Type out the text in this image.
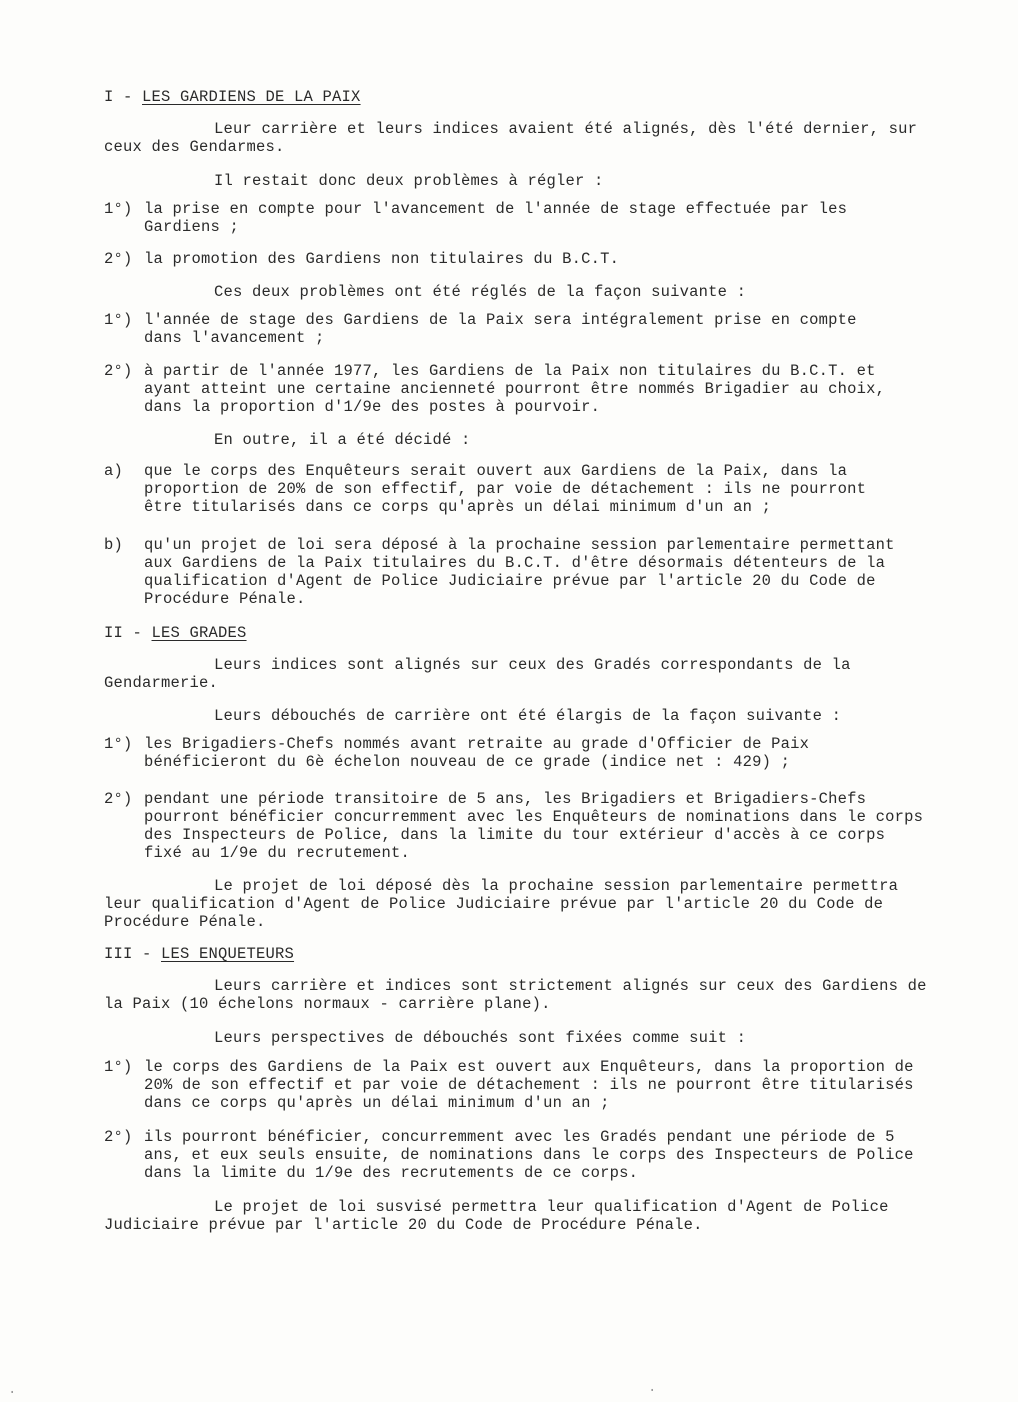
I - LES GARDIENS DE LA PAIX

Leur carrière et leurs indices avaient été alignés, dès l'été dernier, sur ceux des Gendarmes.

Il restait donc deux problèmes à régler :

1°) la prise en compte pour l'avancement de l'année de stage effectuée par les Gardiens ;
2°) la promotion des Gardiens non titulaires du B.C.T.

Ces deux problèmes ont été réglés de la façon suivante :

1°) l'année de stage des Gardiens de la Paix sera intégralement prise en compte dans l'avancement ;
2°) à partir de l'année 1977, les Gardiens de la Paix non titulaires du B.C.T. et ayant atteint une certaine ancienneté pourront être nommés Brigadier au choix, dans la proportion d'1/9e des postes à pourvoir.

En outre, il a été décidé :

a) que le corps des Enquêteurs serait ouvert aux Gardiens de la Paix, dans la proportion de 20% de son effectif, par voie de détachement : ils ne pourront être titularisés dans ce corps qu'après un délai minimum d'un an ;
b) qu'un projet de loi sera déposé à la prochaine session parlementaire permettant aux Gardiens de la Paix titulaires du B.C.T. d'être désormais détenteurs de la qualification d'Agent de Police Judiciaire prévue par l'article 20 du Code de Procédure Pénale.
II - LES GRADES

Leurs indices sont alignés sur ceux des Gradés correspondants de la Gendarmerie.

Leurs débouchés de carrière ont été élargis de la façon suivante :

1°) les Brigadiers-Chefs nommés avant retraite au grade d'Officier de Paix bénéficieront du 6è échelon nouveau de ce grade (indice net : 429) ;
2°) pendant une période transitoire de 5 ans, les Brigadiers et Brigadiers-Chefs pourront bénéficier concurremment avec les Enquêteurs de nominations dans le corps des Inspecteurs de Police, dans la limite du tour extérieur d'accès à ce corps fixé au 1/9e du recrutement.

Le projet de loi déposé dès la prochaine session parlementaire permettra leur qualification d'Agent de Police Judiciaire prévue par l'article 20 du Code de Procédure Pénale.

III - LES ENQUETEURS

Leurs carrière et indices sont strictement alignés sur ceux des Gardiens de la Paix (10 échelons normaux - carrière plane).

Leurs perspectives de débouchés sont fixées comme suit :

1°) le corps des Gardiens de la Paix est ouvert aux Enquêteurs, dans la proportion de 20% de son effectif et par voie de détachement : ils ne pourront être titularisés dans ce corps qu'après un délai minimum d'un an ;
2°) ils pourront bénéficier, concurremment avec les Gradés pendant une période de 5 ans, et eux seuls ensuite, de nominations dans le corps des Inspecteurs de Police dans la limite du 1/9e des recrutements de ce corps.

Le projet de loi susvisé permettra leur qualification d'Agent de Police Judiciaire prévue par l'article 20 du Code de Procédure Pénale.

·	·
